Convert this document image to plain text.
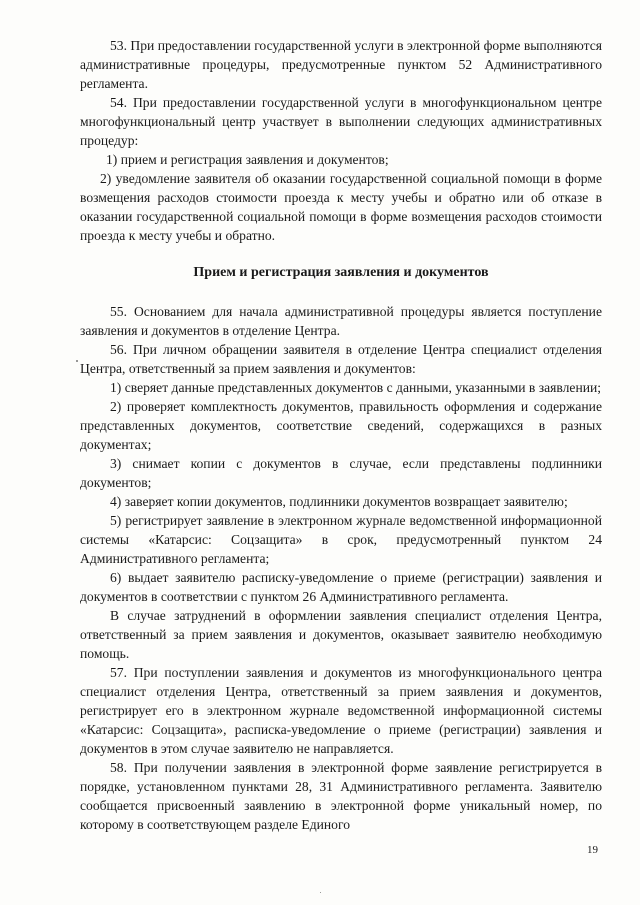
53. При предоставлении государственной услуги в электронной форме выполняются административные процедуры, предусмотренные пунктом 52 Административного регламента.

54. При предоставлении государственной услуги в многофункциональном центре многофункциональный центр участвует в выполнении следующих административных процедур:

1) прием и регистрация заявления и документов;

2) уведомление заявителя об оказании государственной социальной помощи в форме возмещения расходов стоимости проезда к месту учебы и обратно или об отказе в оказании государственной социальной помощи в форме возмещения расходов стоимости проезда к месту учебы и обратно.

Прием и регистрация заявления и документов

55. Основанием для начала административной процедуры является поступление заявления и документов в отделение Центра.

56. При личном обращении заявителя в отделение Центра специалист отделения Центра, ответственный за прием заявления и документов:

1) сверяет данные представленных документов с данными, указанными в заявлении;

2) проверяет комплектность документов, правильность оформления и содержание представленных документов, соответствие сведений, содержащихся в разных документах;

3) снимает копии с документов в случае, если представлены подлинники документов;

4) заверяет копии документов, подлинники документов возвращает заявителю;

5) регистрирует заявление в электронном журнале ведомственной информационной системы «Катарсис: Соцзащита» в срок, предусмотренный пунктом 24 Административного регламента;

6) выдает заявителю расписку-уведомление о приеме (регистрации) заявления и документов в соответствии с пунктом 26 Административного регламента.

В случае затруднений в оформлении заявления специалист отделения Центра, ответственный за прием заявления и документов, оказывает заявителю необходимую помощь.

57. При поступлении заявления и документов из многофункционального центра специалист отделения Центра, ответственный за прием заявления и документов, регистрирует его в электронном журнале ведомственной информационной системы «Катарсис: Соцзащита», расписка-уведомление о приеме (регистрации) заявления и документов в этом случае заявителю не направляется.

58. При получении заявления в электронной форме заявление регистрируется в порядке, установленном пунктами 28, 31 Административного регламента. Заявителю сообщается присвоенный заявлению в электронной форме уникальный номер, по которому в соответствующем разделе Единого

19
